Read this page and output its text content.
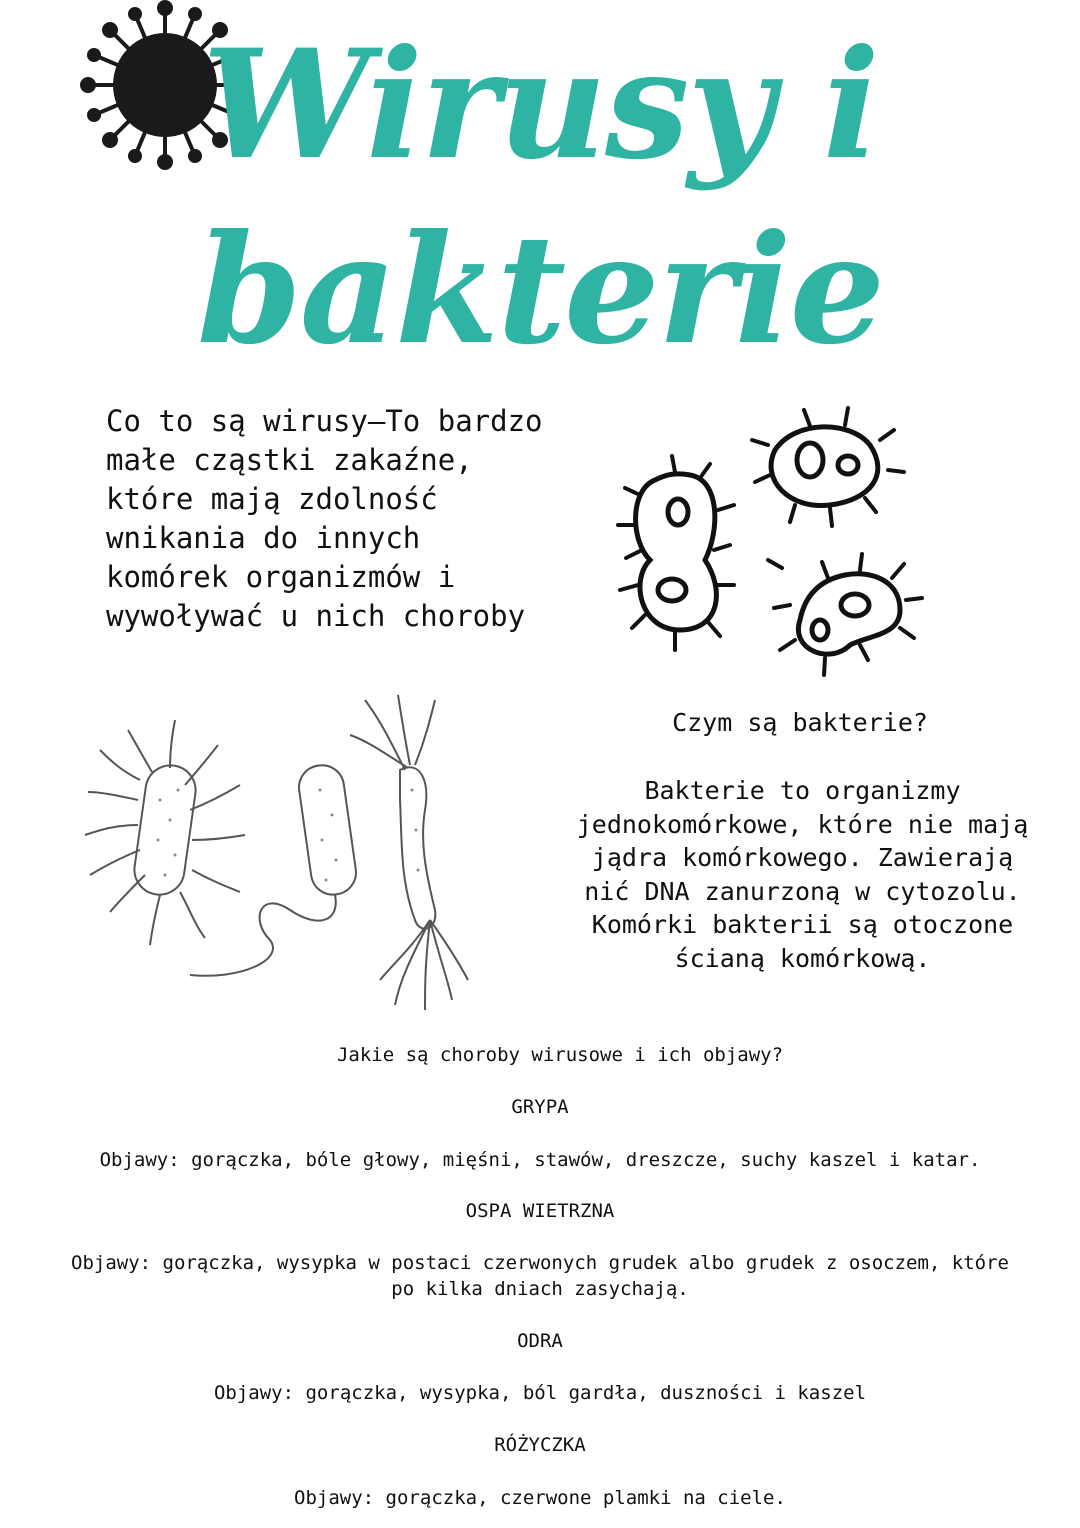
Wirusy i
bakterie
Co to są wirusy–To bardzo małe cząstki zakaźne, które mają zdolność wnikania do innych komórek organizmów i wywoływać u nich choroby
Czym są bakterie?
Bakterie to organizmy jednokomórkowe, które nie mają jądra komórkowego. Zawierają nić DNA zanurzoną w cytozolu. Komórki bakterii są otoczone ścianą komórkową.
Jakie są choroby wirusowe i ich objawy?
GRYPA
Objawy: gorączka, bóle głowy, mięśni, stawów, dreszcze, suchy kaszel i katar.
OSPA WIETRZNA
Objawy: gorączka, wysypka w postaci czerwonych grudek albo grudek z osoczem, które po kilka dniach zasychają.
ODRA
Objawy: gorączka, wysypka, ból gardła, duszności i kaszel
RÓŻYCZKA
Objawy: gorączka, czerwone plamki na ciele.
